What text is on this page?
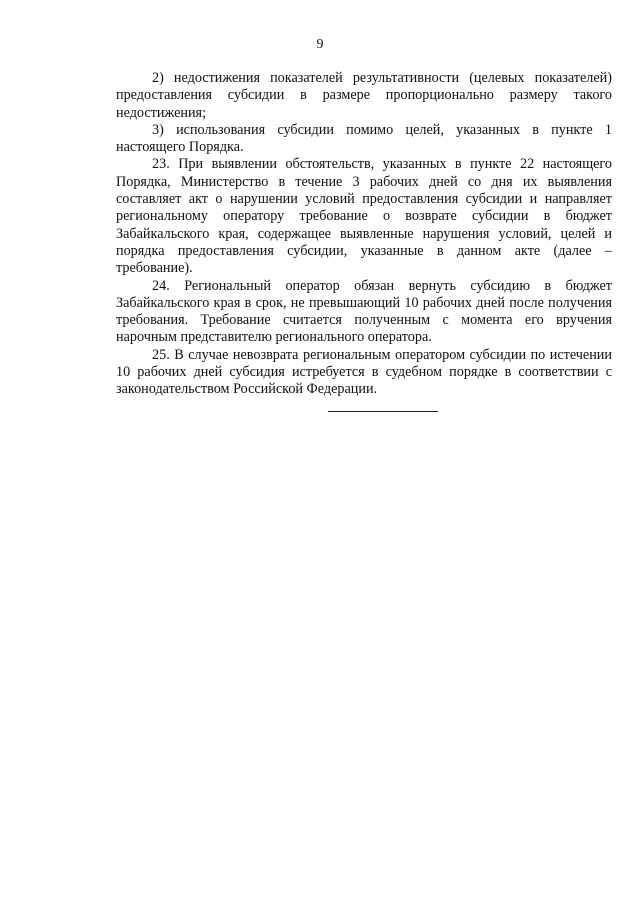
9

2) недостижения показателей результативности (целевых показателей) предоставления субсидии в размере пропорционально размеру такого недостижения;

3) использования субсидии помимо целей, указанных в пункте 1 настоящего Порядка.

23. При выявлении обстоятельств, указанных в пункте 22 настоящего Порядка, Министерство в течение 3 рабочих дней со дня их выявления составляет акт о нарушении условий предоставления субсидии и направляет региональному оператору требование о возврате субсидии в бюджет Забайкальского края, содержащее выявленные нарушения условий, целей и порядка предоставления субсидии, указанные в данном акте (далее – требование).

24. Региональный оператор обязан вернуть субсидию в бюджет Забайкальского края в срок, не превышающий 10 рабочих дней после получения требования. Требование считается полученным с момента его вручения нарочным представителю регионального оператора.

25. В случае невозврата региональным оператором субсидии по истечении 10 рабочих дней субсидия истребуется в судебном порядке в соответствии с законодательством Российской Федерации.
